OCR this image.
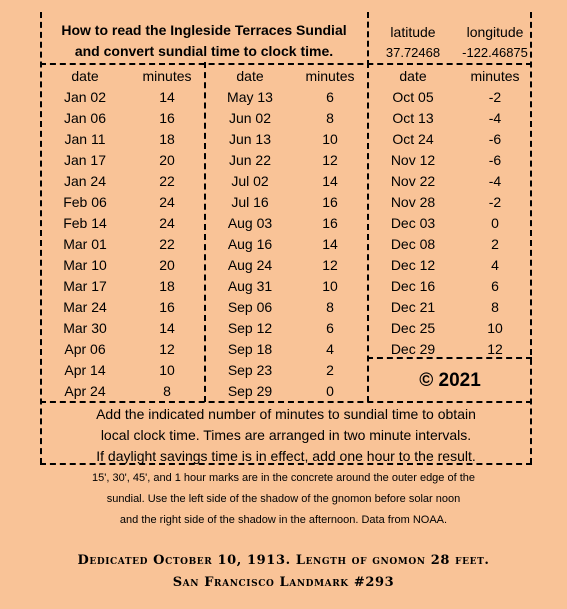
How to read the Ingleside Terraces Sundial
and convert sundial time to clock time.
latitude	longitude
37.72468	-122.46875
date	minutes
Jan 02	14
Jan 06	16
Jan 11	18
Jan 17	20
Jan 24	22
Feb 06	24
Feb 14	24
Mar 01	22
Mar 10	20
Mar 17	18
Mar 24	16
Mar 30	14
Apr 06	12
Apr 14	10
Apr 24	8
date	minutes
May 13	6
Jun 02	8
Jun 13	10
Jun 22	12
Jul 02	14
Jul 16	16
Aug 03	16
Aug 16	14
Aug 24	12
Aug 31	10
Sep 06	8
Sep 12	6
Sep 18	4
Sep 23	2
Sep 29	0
date	minutes
Oct 05	-2
Oct 13	-4
Oct 24	-6
Nov 12	-6
Nov 22	-4
Nov 28	-2
Dec 03	0
Dec 08	2
Dec 12	4
Dec 16	6
Dec 21	8
Dec 25	10
Dec 29	12
© 2021
Add the indicated number of minutes to sundial time to obtain
local clock time. Times are arranged in two minute intervals.
If daylight savings time is in effect, add one hour to the result.
15', 30', 45', and 1 hour marks are in the concrete around the outer edge of the
sundial. Use the left side of the shadow of the gnomon before solar noon
and the right side of the shadow in the afternoon. Data from NOAA.
Dedicated October 10, 1913. Length of gnomon 28 feet.
San Francisco Landmark #293
